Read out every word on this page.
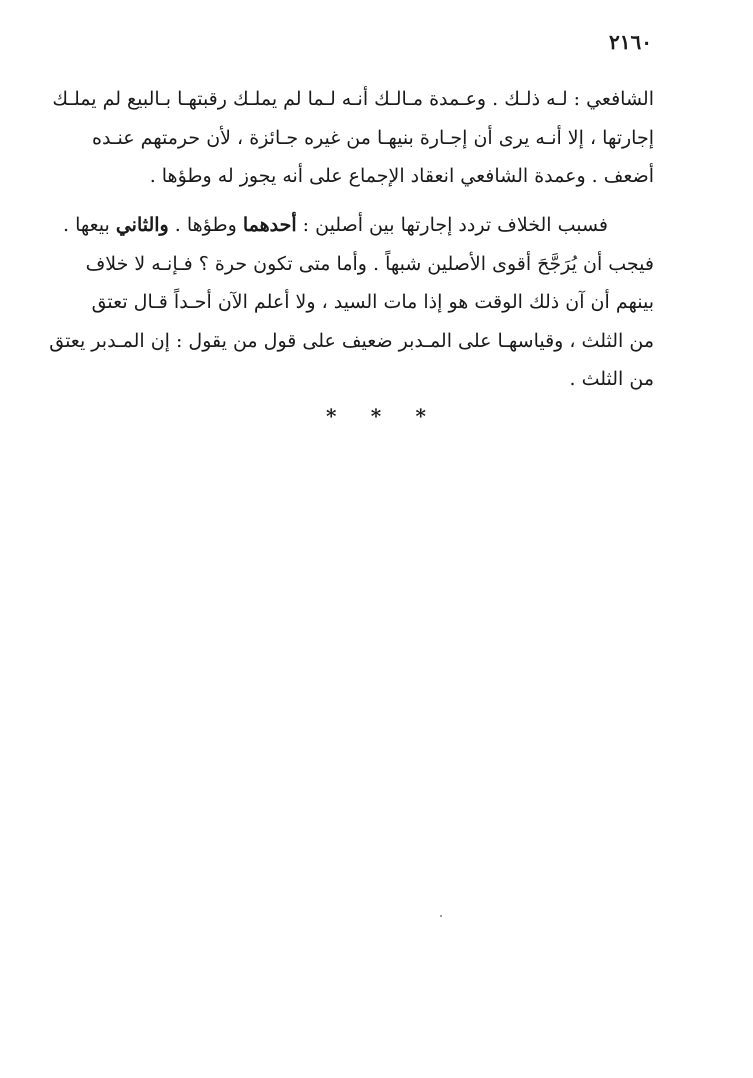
٢١٦٠
الشافعي : لـه ذلـك . وعـمدة مـالـك أنـه لـما لم يملـك رقبتهـا بـالبيع لم يملـك
إجارتها ، إلا أنـه يرى أن إجـارة بنيهـا من غيره جـائزة ، لأن حرمتهم عنـده
أضعف . وعمدة الشافعي انعقاد الإجماع على أنه يجوز له وطؤها .
فسبب الخلاف تردد إجارتها بين أصلين : أحدهما وطؤها . والثاني بيعها .
فيجب أن يُرَجَّحَ أقوى الأصلين شبهاً . وأما متى تكون حرة ؟ فـإنـه لا خلاف
بينهم أن آن ذلك الوقت هو إذا مات السيد ، ولا أعلم الآن أحـداً قـال تعتق
من الثلث ، وقياسهـا على المـدبر ضعيف على قول من يقول : إن المـدبر يعتق
من الثلث .
* * *
